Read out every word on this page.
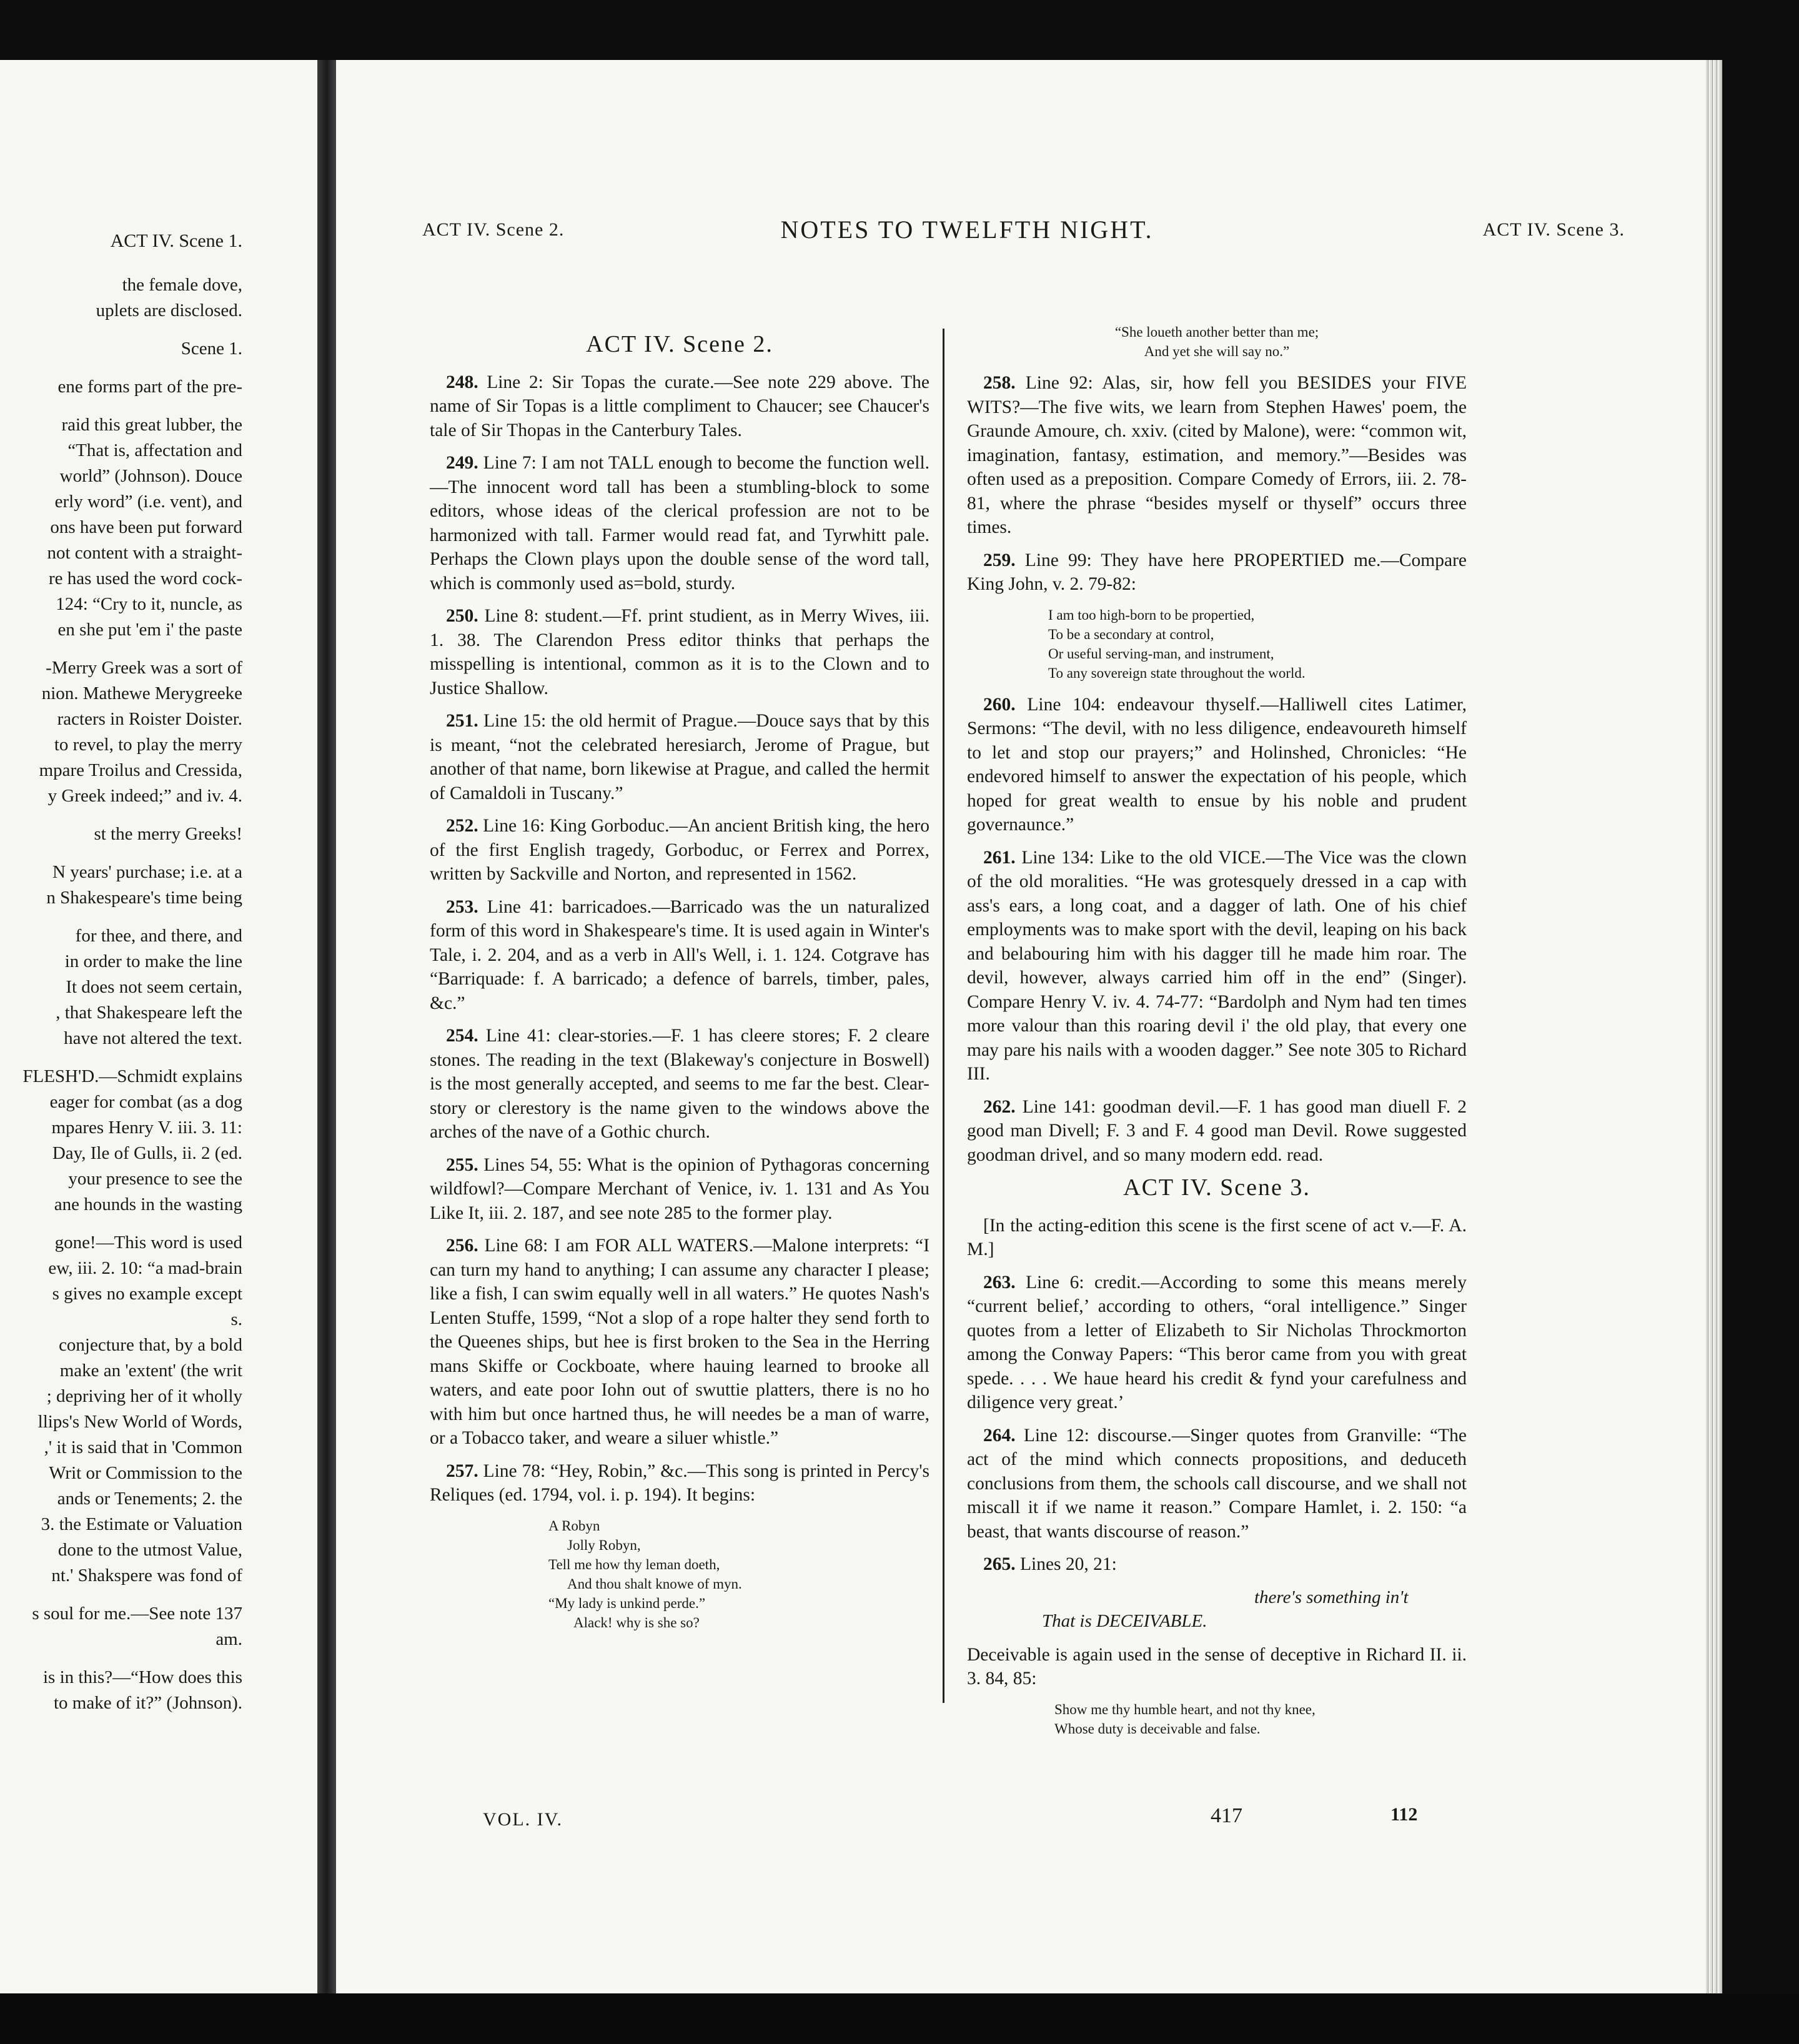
ACT IV. Scene 1.
the female dove,
uplets are disclosed.
Scene 1.
ene forms part of the pre-
raid this great lubber, the
“That is, affectation and
world” (Johnson). Douce
erly word” (i.e. vent), and
ons have been put forward
not content with a straight-
re has used the word cock-
124: “Cry to it, nuncle, as
en she put 'em i' the paste
-Merry Greek was a sort of
nion. Mathewe Merygreeke
racters in Roister Doister.
to revel, to play the merry
mpare Troilus and Cressida,
y Greek indeed;” and iv. 4.
st the merry Greeks!
N years' purchase; i.e. at a
n Shakespeare's time being
for thee, and there, and
in order to make the line
It does not seem certain,
, that Shakespeare left the
have not altered the text.
FLESH'D.—Schmidt explains
eager for combat (as a dog
mpares Henry V. iii. 3. 11:
Day, Ile of Gulls, ii. 2 (ed.
your presence to see the
ane hounds in the wasting
gone!—This word is used
ew, iii. 2. 10: “a mad-brain
s gives no example except
s.
conjecture that, by a bold
make an 'extent' (the writ
; depriving her of it wholly
llips's New World of Words,
,' it is said that in 'Common
Writ or Commission to the
ands or Tenements; 2. the
3. the Estimate or Valuation
done to the utmost Value,
nt.' Shakspere was fond of
s soul for me.—See note 137
am.
is in this?—“How does this
to make of it?” (Johnson).
ACT IV. Scene 2.	NOTES TO TWELFTH NIGHT.	ACT IV. Scene 3.
ACT IV. Scene 2.

248. Line 2: Sir Topas the curate.—See note 229 above. The name of Sir Topas is a little compliment to Chaucer; see Chaucer's tale of Sir Thopas in the Canterbury Tales.

249. Line 7: I am not TALL enough to become the function well.—The innocent word tall has been a stumbling-block to some editors, whose ideas of the clerical profession are not to be harmonized with tall. Farmer would read fat, and Tyrwhitt pale. Perhaps the Clown plays upon the double sense of the word tall, which is commonly used as=bold, sturdy.

250. Line 8: student.—Ff. print studient, as in Merry Wives, iii. 1. 38. The Clarendon Press editor thinks that perhaps the misspelling is intentional, common as it is to the Clown and to Justice Shallow.

251. Line 15: the old hermit of Prague.—Douce says that by this is meant, “not the celebrated heresiarch, Jerome of Prague, but another of that name, born likewise at Prague, and called the hermit of Camaldoli in Tuscany.”

252. Line 16: King Gorboduc.—An ancient British king, the hero of the first English tragedy, Gorboduc, or Ferrex and Porrex, written by Sackville and Norton, and represented in 1562.

253. Line 41: barricadoes.—Barricado was the un naturalized form of this word in Shakespeare's time. It is used again in Winter's Tale, i. 2. 204, and as a verb in All's Well, i. 1. 124. Cotgrave has “Barriquade: f. A barricado; a defence of barrels, timber, pales, &c.”

254. Line 41: clear-stories.—F. 1 has cleere stores; F. 2 cleare stones. The reading in the text (Blakeway's conjecture in Boswell) is the most generally accepted, and seems to me far the best. Clear-story or clerestory is the name given to the windows above the arches of the nave of a Gothic church.

255. Lines 54, 55: What is the opinion of Pythagoras concerning wildfowl?—Compare Merchant of Venice, iv. 1. 131 and As You Like It, iii. 2. 187, and see note 285 to the former play.

256. Line 68: I am FOR ALL WATERS.—Malone interprets: “I can turn my hand to anything; I can assume any character I please; like a fish, I can swim equally well in all waters.” He quotes Nash's Lenten Stuffe, 1599, “Not a slop of a rope halter they send forth to the Queenes ships, but hee is first broken to the Sea in the Herring mans Skiffe or Cockboate, where hauing learned to brooke all waters, and eate poor Iohn out of swuttie platters, there is no ho with him but once hartned thus, he will needes be a man of warre, or a Tobacco taker, and weare a siluer whistle.”

257. Line 78: “Hey, Robin,” &c.—This song is printed in Percy's Reliques (ed. 1794, vol. i. p. 194). It begins:

A Robyn
Jolly Robyn,
Tell me how thy leman doeth,
And thou shalt knowe of myn.
“My lady is unkind perde.”
Alack! why is she so?
“She loueth another better than me;
And yet she will say no.”

258. Line 92: Alas, sir, how fell you BESIDES your FIVE WITS?—The five wits, we learn from Stephen Hawes' poem, the Graunde Amoure, ch. xxiv. (cited by Malone), were: “common wit, imagination, fantasy, estimation, and memory.”—Besides was often used as a preposition. Compare Comedy of Errors, iii. 2. 78-81, where the phrase “besides myself or thyself” occurs three times.

259. Line 99: They have here PROPERTIED me.—Compare King John, v. 2. 79-82:

I am too high-born to be propertied,
To be a secondary at control,
Or useful serving-man, and instrument,
To any sovereign state throughout the world.

260. Line 104: endeavour thyself.—Halliwell cites Latimer, Sermons: “The devil, with no less diligence, endeavoureth himself to let and stop our prayers;” and Holinshed, Chronicles: “He endevored himself to answer the expectation of his people, which hoped for great wealth to ensue by his noble and prudent governaunce.”

261. Line 134: Like to the old VICE.—The Vice was the clown of the old moralities. “He was grotesquely dressed in a cap with ass's ears, a long coat, and a dagger of lath. One of his chief employments was to make sport with the devil, leaping on his back and belabouring him with his dagger till he made him roar. The devil, however, always carried him off in the end” (Singer). Compare Henry V. iv. 4. 74-77: “Bardolph and Nym had ten times more valour than this roaring devil i' the old play, that every one may pare his nails with a wooden dagger.” See note 305 to Richard III.

262. Line 141: goodman devil.—F. 1 has good man diuell F. 2 good man Divell; F. 3 and F. 4 good man Devil. Rowe suggested goodman drivel, and so many modern edd. read.

ACT IV. Scene 3.

[In the acting-edition this scene is the first scene of act v.—F. A. M.]

263. Line 6: credit.—According to some this means merely “current belief,’ according to others, “oral intelligence.” Singer quotes from a letter of Elizabeth to Sir Nicholas Throckmorton among the Conway Papers: “This beror came from you with great spede. . . . We haue heard his credit & fynd your carefulness and diligence very great.’

264. Line 12: discourse.—Singer quotes from Granville: “The act of the mind which connects propositions, and deduceth conclusions from them, the schools call discourse, and we shall not miscall it if we name it reason.” Compare Hamlet, i. 2. 150: “a beast, that wants discourse of reason.”

265. Lines 20, 21:

there's something in't
That is DECEIVABLE.

Deceivable is again used in the sense of deceptive in Richard II. ii. 3. 84, 85:

Show me thy humble heart, and not thy knee,
Whose duty is deceivable and false.
VOL. IV.	417	112
